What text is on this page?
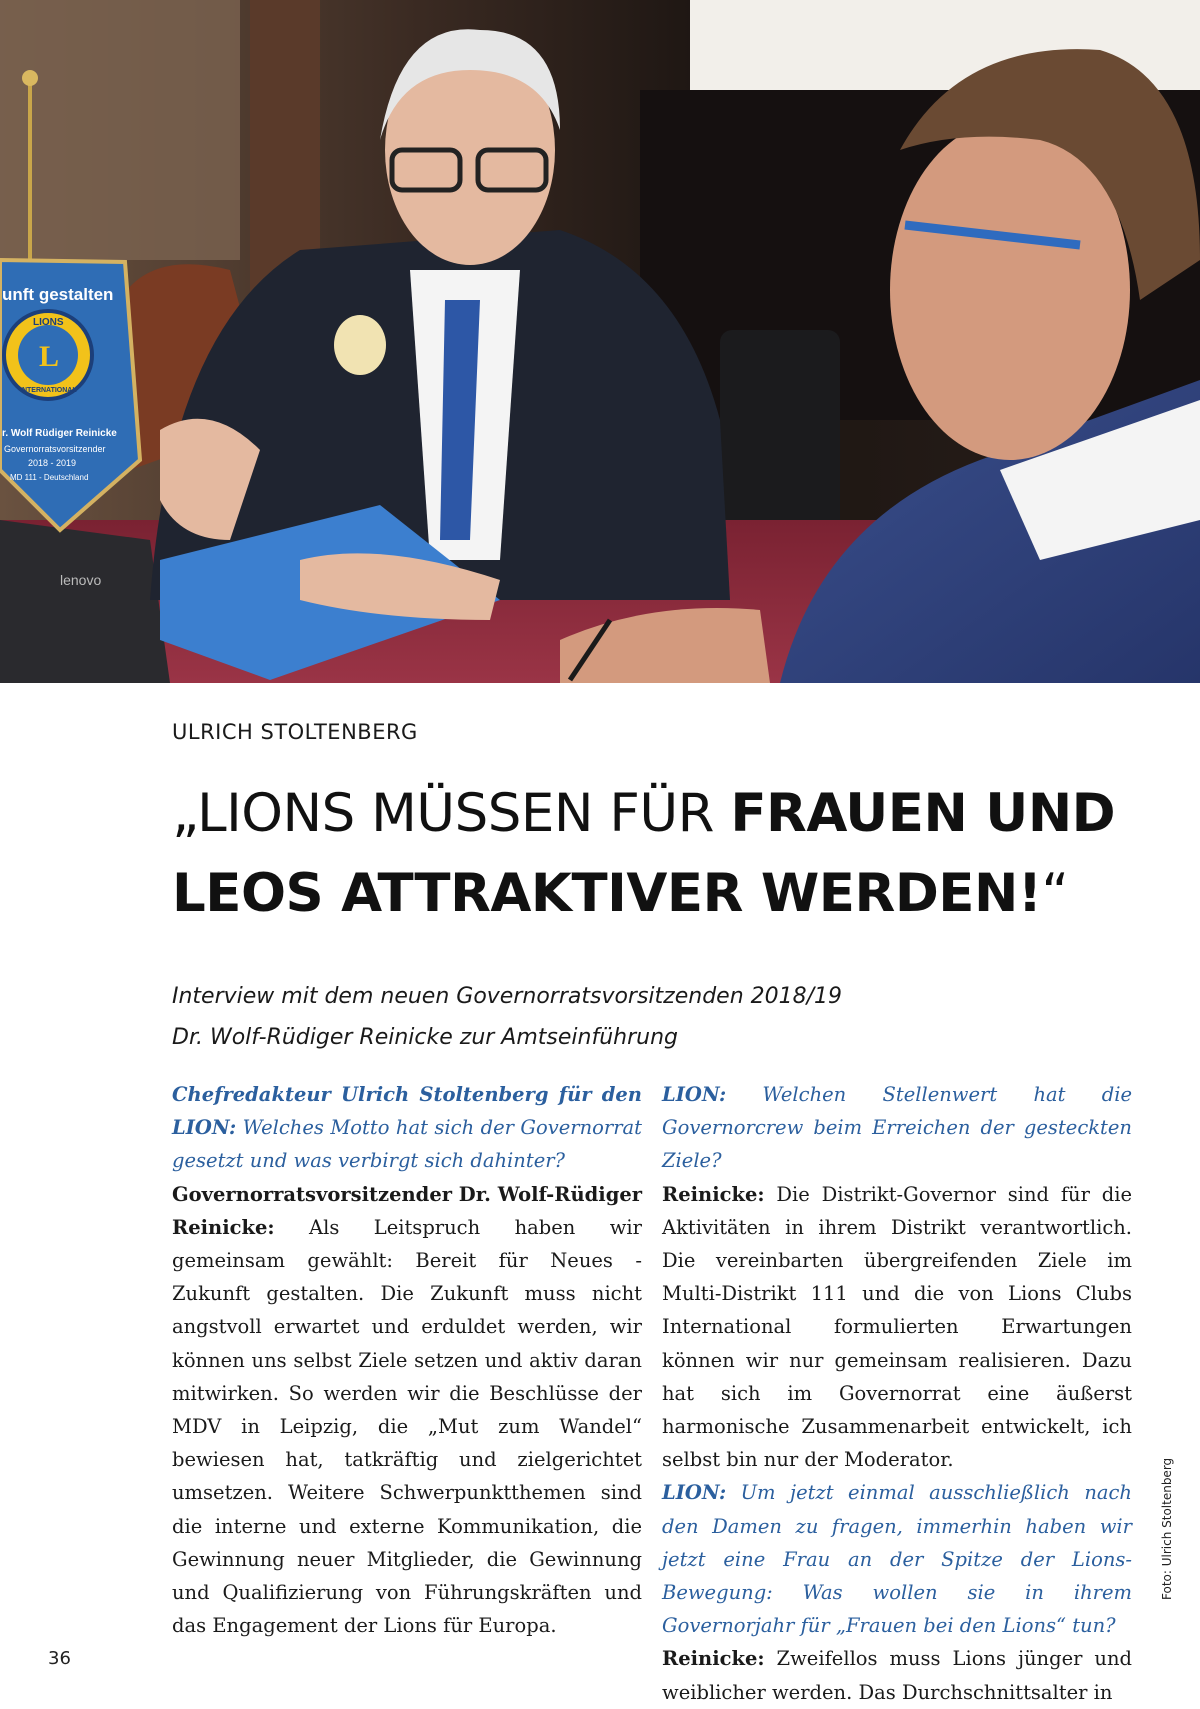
lenovo
unft gestalten
LIONS
L
INTERNATIONAL
r. Wolf Rüdiger Reinicke
Governorratsvorsitzender
2018 - 2019
MD 111 - Deutschland
ULRICH STOLTENBERG
„LIONS MÜSSEN FÜR FRAUEN UND
LEOS ATTRAKTIVER WERDEN!“
Interview mit dem neuen Governorratsvorsitzenden 2018/19
Dr. Wolf-Rüdiger Reinicke zur Amtseinführung
Chefredakteur Ulrich Stoltenberg für den LION: Welches Motto hat sich der Governorrat gesetzt und was verbirgt sich dahinter?
Governorratsvorsitzender Dr. Wolf-Rüdiger Reinicke: Als Leitspruch haben wir gemeinsam gewählt: Bereit für Neues - Zukunft gestalten. Die Zukunft muss nicht angstvoll erwartet und erduldet werden, wir können uns selbst Ziele setzen und aktiv daran mitwirken. So werden wir die Beschlüsse der MDV in Leipzig, die „Mut zum Wandel“ bewiesen hat, tatkräftig und zielgerichtet umsetzen. Weitere Schwerpunktthemen sind die interne und externe Kommunikation, die Gewinnung neuer Mitglieder, die Gewinnung und Qualifizierung von Führungskräften und das Engagement der Lions für Europa.
LION: Welchen Stellenwert hat die Governorcrew beim Erreichen der gesteckten Ziele?
Reinicke: Die Distrikt-Governor sind für die Aktivitäten in ihrem Distrikt verantwortlich. Die vereinbarten übergreifenden Ziele im Multi-Distrikt 111 und die von Lions Clubs International formulierten Erwartungen können wir nur gemeinsam realisieren. Dazu hat sich im Governorrat eine äußerst harmonische Zusammenarbeit entwickelt, ich selbst bin nur der Moderator.
LION: Um jetzt einmal ausschließlich nach den Damen zu fragen, immerhin haben wir jetzt eine Frau an der Spitze der Lions-Bewegung: Was wollen sie in ihrem Governorjahr für „Frauen bei den Lions“ tun?
Reinicke: Zweifellos muss Lions jünger und weiblicher werden. Das Durchschnittsalter in
Foto: Ulrich Stoltenberg
36
